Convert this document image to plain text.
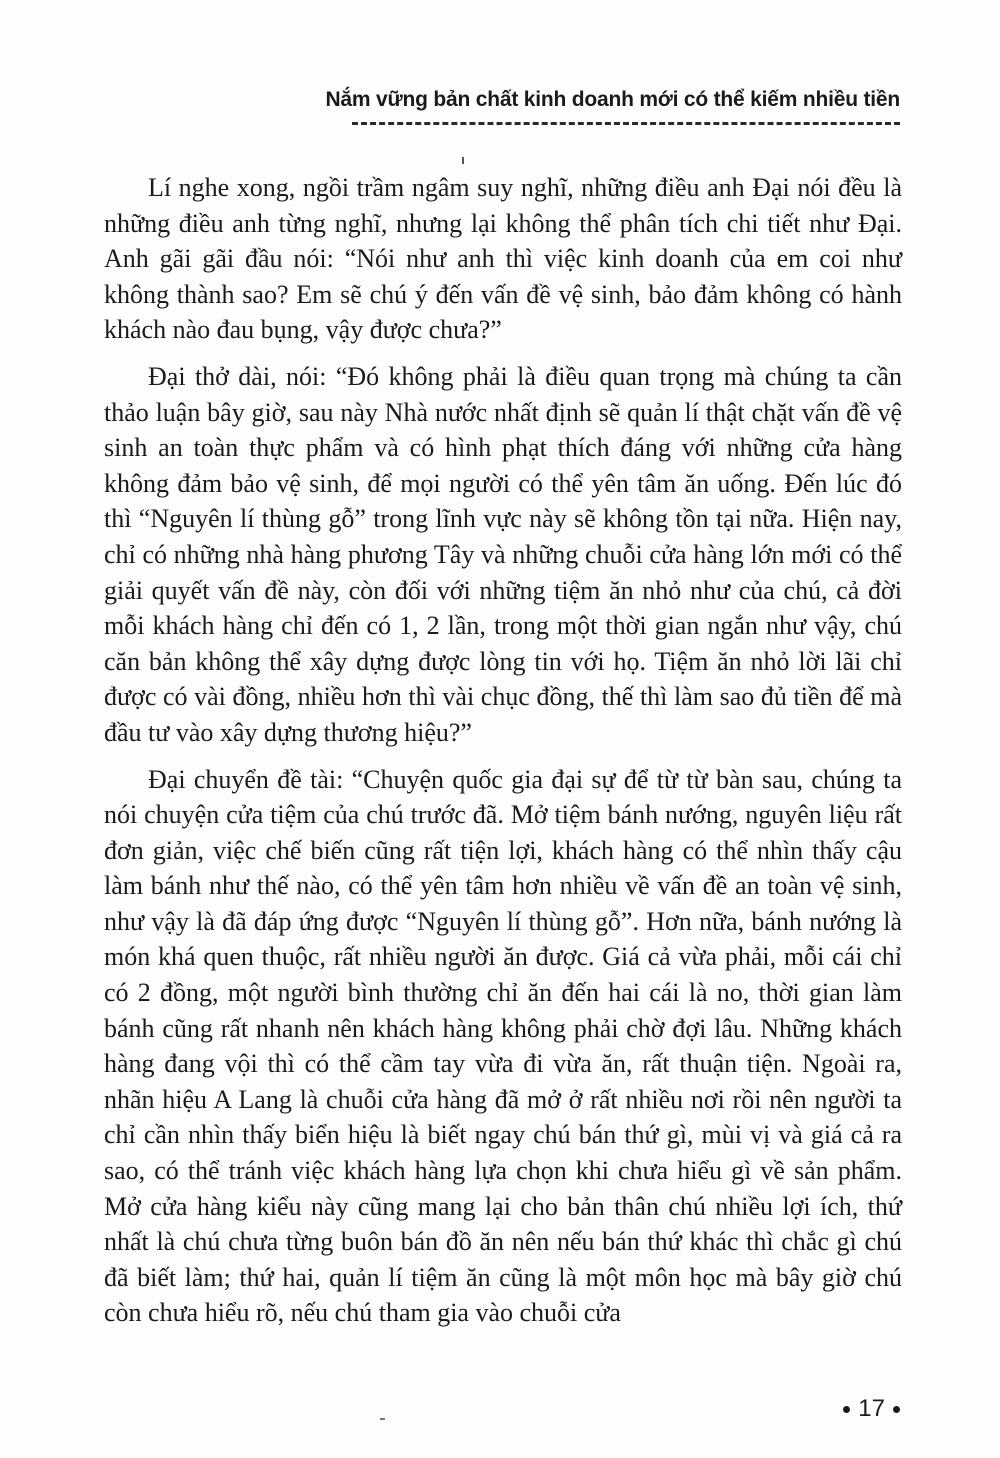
Nắm vững bản chất kinh doanh mới có thể kiếm nhiều tiền

Lí nghe xong, ngồi trầm ngâm suy nghĩ, những điều anh Đại nói đều là những điều anh từng nghĩ, nhưng lại không thể phân tích chi tiết như Đại. Anh gãi gãi đầu nói: “Nói như anh thì việc kinh doanh của em coi như không thành sao? Em sẽ chú ý đến vấn đề vệ sinh, bảo đảm không có hành khách nào đau bụng, vậy được chưa?”

Đại thở dài, nói: “Đó không phải là điều quan trọng mà chúng ta cần thảo luận bây giờ, sau này Nhà nước nhất định sẽ quản lí thật chặt vấn đề vệ sinh an toàn thực phẩm và có hình phạt thích đáng với những cửa hàng không đảm bảo vệ sinh, để mọi người có thể yên tâm ăn uống. Đến lúc đó thì “Nguyên lí thùng gỗ” trong lĩnh vực này sẽ không tồn tại nữa. Hiện nay, chỉ có những nhà hàng phương Tây và những chuỗi cửa hàng lớn mới có thể giải quyết vấn đề này, còn đối với những tiệm ăn nhỏ như của chú, cả đời mỗi khách hàng chỉ đến có 1, 2 lần, trong một thời gian ngắn như vậy, chú căn bản không thể xây dựng được lòng tin với họ. Tiệm ăn nhỏ lời lãi chỉ được có vài đồng, nhiều hơn thì vài chục đồng, thế thì làm sao đủ tiền để mà đầu tư vào xây dựng thương hiệu?”

Đại chuyển đề tài: “Chuyện quốc gia đại sự để từ từ bàn sau, chúng ta nói chuyện cửa tiệm của chú trước đã. Mở tiệm bánh nướng, nguyên liệu rất đơn giản, việc chế biến cũng rất tiện lợi, khách hàng có thể nhìn thấy cậu làm bánh như thế nào, có thể yên tâm hơn nhiều về vấn đề an toàn vệ sinh, như vậy là đã đáp ứng được “Nguyên lí thùng gỗ”. Hơn nữa, bánh nướng là món khá quen thuộc, rất nhiều người ăn được. Giá cả vừa phải, mỗi cái chỉ có 2 đồng, một người bình thường chỉ ăn đến hai cái là no, thời gian làm bánh cũng rất nhanh nên khách hàng không phải chờ đợi lâu. Những khách hàng đang vội thì có thể cầm tay vừa đi vừa ăn, rất thuận tiện. Ngoài ra, nhãn hiệu A Lang là chuỗi cửa hàng đã mở ở rất nhiều nơi rồi nên người ta chỉ cần nhìn thấy biển hiệu là biết ngay chú bán thứ gì, mùi vị và giá cả ra sao, có thể tránh việc khách hàng lựa chọn khi chưa hiểu gì về sản phẩm. Mở cửa hàng kiểu này cũng mang lại cho bản thân chú nhiều lợi ích, thứ nhất là chú chưa từng buôn bán đồ ăn nên nếu bán thứ khác thì chắc gì chú đã biết làm; thứ hai, quản lí tiệm ăn cũng là một môn học mà bây giờ chú còn chưa hiểu rõ, nếu chú tham gia vào chuỗi cửa

17
